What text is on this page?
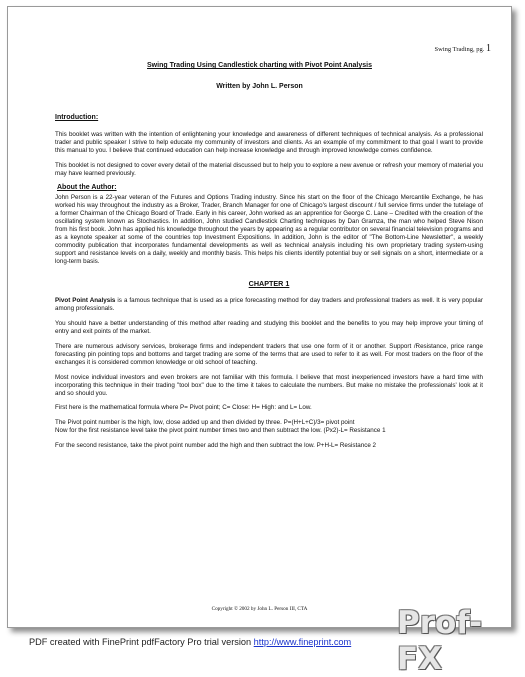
Swing Trading, pg. 1
Swing Trading Using Candlestick charting with Pivot Point Analysis
Written by John L. Person
Introduction:

This booklet was written with the intention of enlightening your knowledge and awareness of different techniques of technical analysis. As a professional trader and public speaker I strive to help educate my community of investors and clients. As an example of my commitment to that goal I want to provide this manual to you. I believe that continued education can help increase knowledge and through improved knowledge comes confidence.

This booklet is not designed to cover every detail of the material discussed but to help you to explore a new avenue or refresh your memory of material you may have learned previously.

About the Author:

John Person is a 22-year veteran of the Futures and Options Trading industry. Since his start on the floor of the Chicago Mercantile Exchange, he has worked his way throughout the industry as a Broker, Trader, Branch Manager for one of Chicago's largest discount / full service firms under the tutelage of a former Chairman of the Chicago Board of Trade. Early in his career, John worked as an apprentice for George C. Lane – Credited with the creation of the oscillating system known as Stochastics. In addition, John studied Candlestick Charting techniques by Dan Gramza, the man who helped Steve Nison from his first book. John has applied his knowledge throughout the years by appearing as a regular contributor on several financial television programs and as a keynote speaker at some of the countries top Investment Expositions. In addition, John is the editor of "The Bottom-Line Newsletter", a weekly commodity publication that incorporates fundamental developments as well as technical analysis including his own proprietary trading system-using support and resistance levels on a daily, weekly and monthly basis. This helps his clients identify potential buy or sell signals on a short, intermediate or a long-term basis.

CHAPTER 1

Pivot Point Analysis is a famous technique that is used as a price forecasting method for day traders and professional traders as well. It is very popular among professionals.

You should have a better understanding of this method after reading and studying this booklet and the benefits to you may help improve your timing of entry and exit points of the market.

There are numerous advisory services, brokerage firms and independent traders that use one form of it or another. Support /Resistance, price range forecasting pin pointing tops and bottoms and target trading are some of the terms that are used to refer to it as well. For most traders on the floor of the exchanges it is considered common knowledge or old school of teaching.

Most novice individual investors and even brokers are not familiar with this formula. I believe that most inexperienced investors have a hard time with incorporating this technique in their trading "tool box" due to the time it takes to calculate the numbers. But make no mistake the professionals' look at it and so should you.

First here is the mathematical formula where P= Pivot point; C= Close: H= High: and L= Low.

The Pivot point number is the high, low, close added up and then divided by three. P=(H+L+C)/3= pivot point
Now for the first resistance level take the pivot point number times two and then subtract the low. (Px2)-L= Resistance 1

For the second resistance, take the pivot point number add the high and then subtract the low. P+H-L= Resistance 2

Copyright © 2002 by John L. Person III, CTA	Prof-FX
PDF created with FinePrint pdfFactory Pro trial version http://www.fineprint.com
